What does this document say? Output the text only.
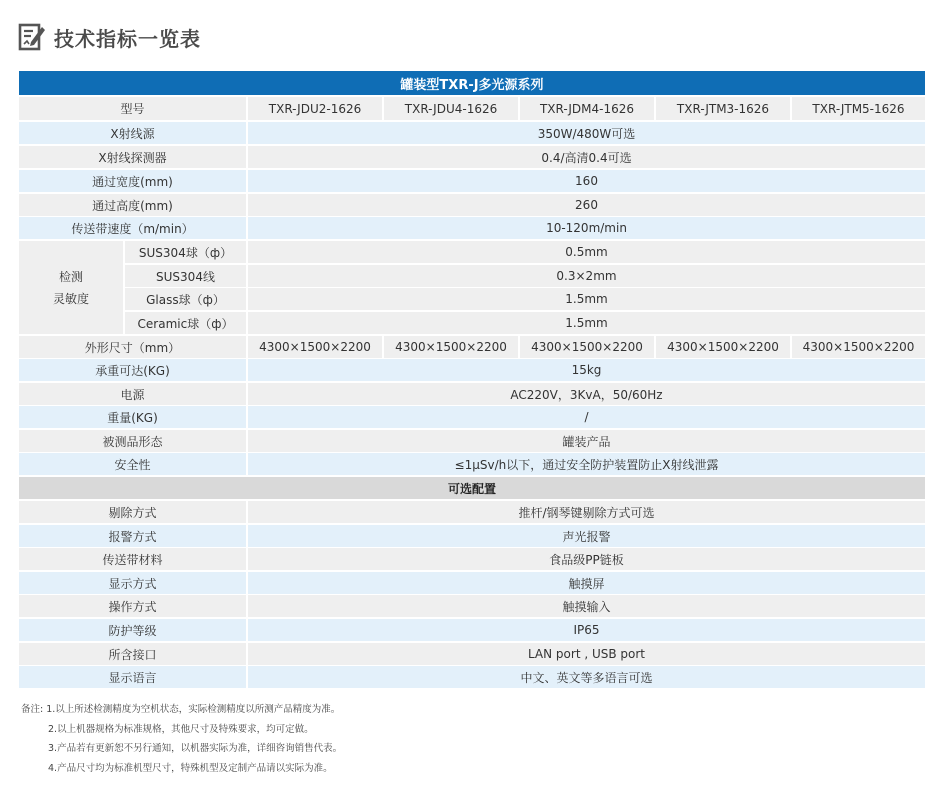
技术指标一览表
罐装型TXR-J多光源系列
型号	TXR-JDU2-1626	TXR-JDU4-1626	TXR-JDM4-1626	TXR-JTM3-1626	TXR-JTM5-1626
X射线源	350W/480W可选
X射线探测器	0.4/高清0.4可选
通过宽度(mm)	160
通过高度(mm)	260
传送带速度（m/min）	10-120m/min
检测
灵敏度
SUS304球（ф）	0.5mm
SUS304线	0.3×2mm
Glass球（ф）	1.5mm
Ceramic球（ф）	1.5mm
外形尺寸（mm）	4300×1500×2200	4300×1500×2200	4300×1500×2200	4300×1500×2200	4300×1500×2200
承重可达(KG)	15kg
电源	AC220V，3KvA，50/60Hz
重量(KG)	/
被测品形态	罐装产品
安全性	≤1μSv/h以下，通过安全防护装置防止X射线泄露
可选配置
剔除方式	推杆/钢琴键剔除方式可选
报警方式	声光报警
传送带材料	食品级PP链板
显示方式	触摸屏
操作方式	触摸输入
防护等级	IP65
所含接口	LAN port , USB port
显示语言	中文、英文等多语言可选
备注: 1.以上所述检测精度为空机状态，实际检测精度以所测产品精度为准。
2.以上机器规格为标准规格，其他尺寸及特殊要求，均可定做。
3.产品若有更新恕不另行通知，以机器实际为准，详细咨询销售代表。
4.产品尺寸均为标准机型尺寸，特殊机型及定制产品请以实际为准。
